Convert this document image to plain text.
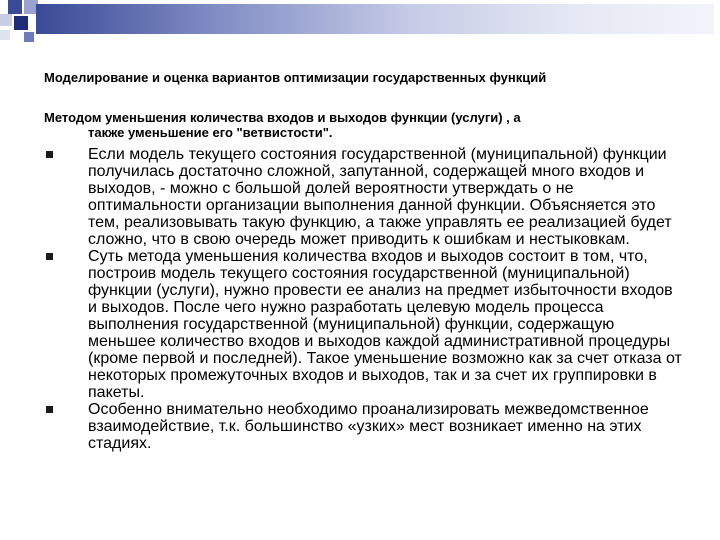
Моделирование и оценка вариантов оптимизации государственных функций
Методом уменьшения количества входов и выходов функции (услуги) , а
также уменьшение его "ветвистости".
Если модель текущего состояния государственной (муниципальной) функции получилась достаточно сложной, запутанной, содержащей много входов и выходов, - можно с большой долей вероятности утверждать о не оптимальности организации выполнения данной функции. Объясняется это тем, реализовывать такую функцию, а также управлять ее реализацией будет сложно, что в свою очередь может приводить к ошибкам и нестыковкам.
Суть метода уменьшения количества входов и выходов состоит в том, что, построив модель текущего состояния государственной (муниципальной) функции (услуги), нужно провести ее анализ на предмет избыточности входов и выходов. После чего нужно разработать целевую модель процесса выполнения государственной (муниципальной) функции, содержащую меньшее количество входов и выходов каждой административной процедуры (кроме первой и последней). Такое уменьшение возможно как за счет отказа от некоторых промежуточных входов и выходов, так и за счет их группировки в пакеты.
Особенно внимательно необходимо проанализировать межведомственное взаимодействие, т.к. большинство «узких» мест возникает именно на этих стадиях.
